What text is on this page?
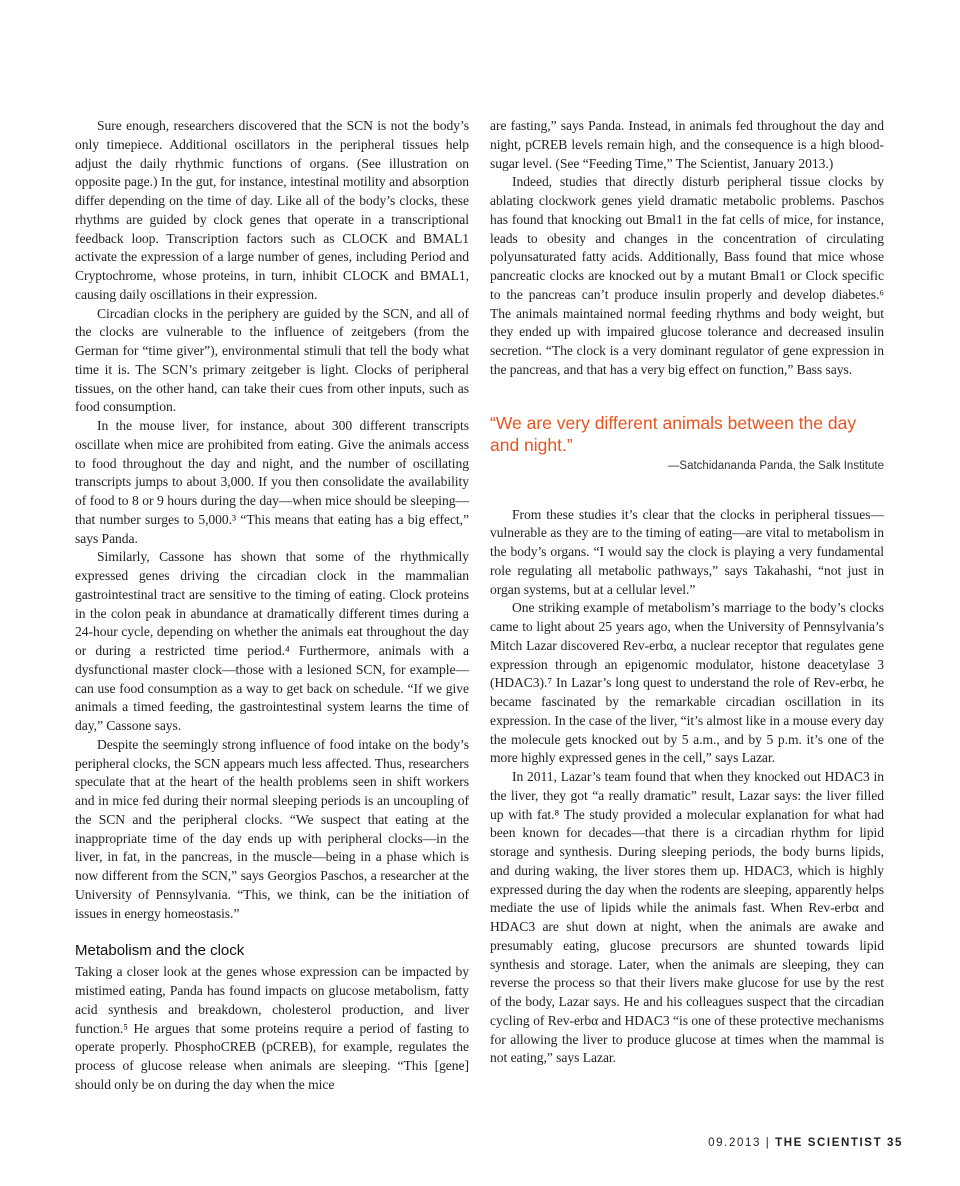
Sure enough, researchers discovered that the SCN is not the body’s only timepiece. Additional oscillators in the peripheral tissues help adjust the daily rhythmic functions of organs. (See illustration on opposite page.) In the gut, for instance, intestinal motility and absorption differ depending on the time of day. Like all of the body’s clocks, these rhythms are guided by clock genes that operate in a transcriptional feedback loop. Transcription factors such as CLOCK and BMAL1 activate the expression of a large number of genes, including Period and Cryptochrome, whose proteins, in turn, inhibit CLOCK and BMAL1, causing daily oscillations in their expression.

Circadian clocks in the periphery are guided by the SCN, and all of the clocks are vulnerable to the influence of zeitgebers (from the German for “time giver”), environmental stimuli that tell the body what time it is. The SCN’s primary zeitgeber is light. Clocks of peripheral tissues, on the other hand, can take their cues from other inputs, such as food consumption.

In the mouse liver, for instance, about 300 different transcripts oscillate when mice are prohibited from eating. Give the animals access to food throughout the day and night, and the number of oscillating transcripts jumps to about 3,000. If you then consolidate the availability of food to 8 or 9 hours during the day—when mice should be sleeping—that number surges to 5,000.³ “This means that eating has a big effect,” says Panda.

Similarly, Cassone has shown that some of the rhythmically expressed genes driving the circadian clock in the mammalian gastrointestinal tract are sensitive to the timing of eating. Clock proteins in the colon peak in abundance at dramatically different times during a 24-hour cycle, depending on whether the animals eat throughout the day or during a restricted time period.⁴ Furthermore, animals with a dysfunctional master clock—those with a lesioned SCN, for example—can use food consumption as a way to get back on schedule. “If we give animals a timed feeding, the gastrointestinal system learns the time of day,” Cassone says.

Despite the seemingly strong influence of food intake on the body’s peripheral clocks, the SCN appears much less affected. Thus, researchers speculate that at the heart of the health problems seen in shift workers and in mice fed during their normal sleeping periods is an uncoupling of the SCN and the peripheral clocks. “We suspect that eating at the inappropriate time of the day ends up with peripheral clocks—in the liver, in fat, in the pancreas, in the muscle—being in a phase which is now different from the SCN,” says Georgios Paschos, a researcher at the University of Pennsylvania. “This, we think, can be the initiation of issues in energy homeostasis.”

Metabolism and the clock

Taking a closer look at the genes whose expression can be impacted by mistimed eating, Panda has found impacts on glucose metabolism, fatty acid synthesis and breakdown, cholesterol production, and liver function.⁵ He argues that some proteins require a period of fasting to operate properly. PhosphoCREB (pCREB), for example, regulates the process of glucose release when animals are sleeping. “This [gene] should only be on during the day when the mice

are fasting,” says Panda. Instead, in animals fed throughout the day and night, pCREB levels remain high, and the consequence is a high blood-sugar level. (See “Feeding Time,” The Scientist, January 2013.)

Indeed, studies that directly disturb peripheral tissue clocks by ablating clockwork genes yield dramatic metabolic problems. Paschos has found that knocking out Bmal1 in the fat cells of mice, for instance, leads to obesity and changes in the concentration of circulating polyunsaturated fatty acids. Additionally, Bass found that mice whose pancreatic clocks are knocked out by a mutant Bmal1 or Clock specific to the pancreas can’t produce insulin properly and develop diabetes.⁶ The animals maintained normal feeding rhythms and body weight, but they ended up with impaired glucose tolerance and decreased insulin secretion. “The clock is a very dominant regulator of gene expression in the pancreas, and that has a very big effect on function,” Bass says.

“We are very different animals between the day and night.”

—Satchidananda Panda, the Salk Institute

From these studies it’s clear that the clocks in peripheral tissues—vulnerable as they are to the timing of eating—are vital to metabolism in the body’s organs. “I would say the clock is playing a very fundamental role regulating all metabolic pathways,” says Takahashi, “not just in organ systems, but at a cellular level.”

One striking example of metabolism’s marriage to the body’s clocks came to light about 25 years ago, when the University of Pennsylvania’s Mitch Lazar discovered Rev-erbα, a nuclear receptor that regulates gene expression through an epigenomic modulator, histone deacetylase 3 (HDAC3).⁷ In Lazar’s long quest to understand the role of Rev-erbα, he became fascinated by the remarkable circadian oscillation in its expression. In the case of the liver, “it’s almost like in a mouse every day the molecule gets knocked out by 5 a.m., and by 5 p.m. it’s one of the more highly expressed genes in the cell,” says Lazar.

In 2011, Lazar’s team found that when they knocked out HDAC3 in the liver, they got “a really dramatic” result, Lazar says: the liver filled up with fat.⁸ The study provided a molecular explanation for what had been known for decades—that there is a circadian rhythm for lipid storage and synthesis. During sleeping periods, the body burns lipids, and during waking, the liver stores them up. HDAC3, which is highly expressed during the day when the rodents are sleeping, apparently helps mediate the use of lipids while the animals fast. When Rev-erbα and HDAC3 are shut down at night, when the animals are awake and presumably eating, glucose precursors are shunted towards lipid synthesis and storage. Later, when the animals are sleeping, they can reverse the process so that their livers make glucose for use by the rest of the body, Lazar says. He and his colleagues suspect that the circadian cycling of Rev-erbα and HDAC3 “is one of these protective mechanisms for allowing the liver to produce glucose at times when the mammal is not eating,” says Lazar.

09.2013 | THE SCIENTIST 35
